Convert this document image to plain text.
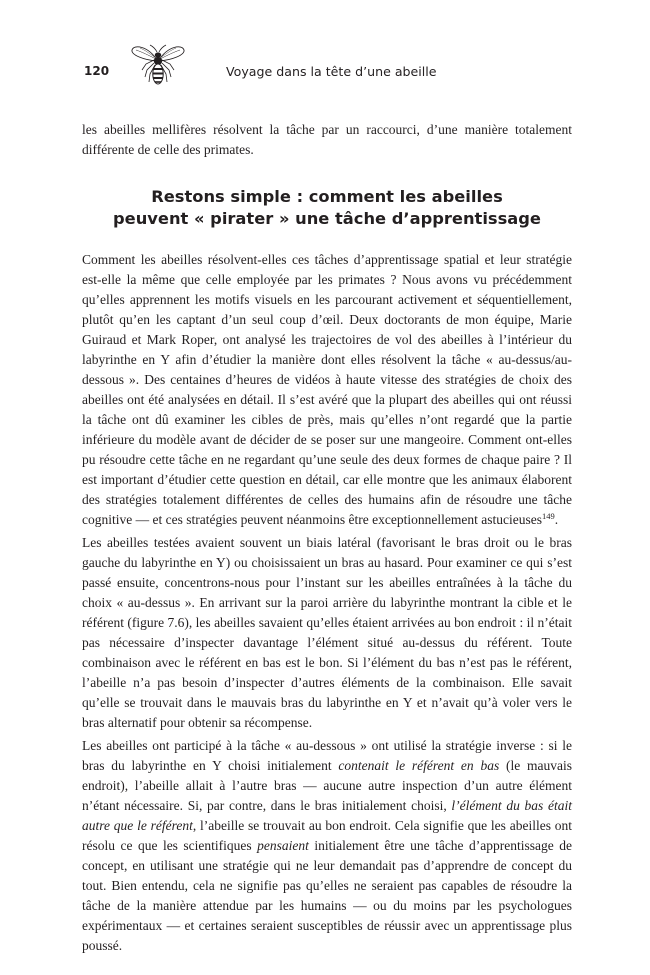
120	Voyage dans la tête d’une abeille

les abeilles mellifères résolvent la tâche par un raccourci, d’une manière totalement différente de celle des primates.

Restons simple : comment les abeilles
peuvent « pirater » une tâche d’apprentissage

Comment les abeilles résolvent-elles ces tâches d’apprentissage spatial et leur stratégie est-elle la même que celle employée par les primates ? Nous avons vu précédemment qu’elles apprennent les motifs visuels en les parcourant activement et séquentiellement, plutôt qu’en les captant d’un seul coup d’œil. Deux doctorants de mon équipe, Marie Guiraud et Mark Roper, ont analysé les trajectoires de vol des abeilles à l’intérieur du labyrinthe en Y afin d’étudier la manière dont elles résolvent la tâche « au-dessus/au-dessous ». Des centaines d’heures de vidéos à haute vitesse des stratégies de choix des abeilles ont été analysées en détail. Il s’est avéré que la plupart des abeilles qui ont réussi la tâche ont dû examiner les cibles de près, mais qu’elles n’ont regardé que la partie inférieure du modèle avant de décider de se poser sur une mangeoire. Comment ont-elles pu résoudre cette tâche en ne regardant qu’une seule des deux formes de chaque paire ? Il est important d’étudier cette question en détail, car elle montre que les animaux élaborent des stratégies totalement différentes de celles des humains afin de résoudre une tâche cognitive — et ces stratégies peuvent néanmoins être exceptionnellement astucieuses$^{149}$.

Les abeilles testées avaient souvent un biais latéral (favorisant le bras droit ou le bras gauche du labyrinthe en Y) ou choisissaient un bras au hasard. Pour examiner ce qui s’est passé ensuite, concentrons-nous pour l’instant sur les abeilles entraînées à la tâche du choix « au-dessus ». En arrivant sur la paroi arrière du labyrinthe montrant la cible et le référent (figure 7.6), les abeilles savaient qu’elles étaient arrivées au bon endroit : il n’était pas nécessaire d’inspecter davantage l’élément situé au-dessus du référent. Toute combinaison avec le référent en bas est le bon. Si l’élément du bas n’est pas le référent, l’abeille n’a pas besoin d’inspecter d’autres éléments de la combinaison. Elle savait qu’elle se trouvait dans le mauvais bras du labyrinthe en Y et n’avait qu’à voler vers le bras alternatif pour obtenir sa récompense.

Les abeilles ont participé à la tâche « au-dessous » ont utilisé la stratégie inverse : si le bras du labyrinthe en Y choisi initialement contenait le référent en bas (le mauvais endroit), l’abeille allait à l’autre bras — aucune autre inspection d’un autre élément n’étant nécessaire. Si, par contre, dans le bras initialement choisi, l’élément du bas était autre que le référent, l’abeille se trouvait au bon endroit. Cela signifie que les abeilles ont résolu ce que les scientifiques pensaient initialement être une tâche d’apprentissage de concept, en utilisant une stratégie qui ne leur demandait pas d’apprendre de concept du tout. Bien entendu, cela ne signifie pas qu’elles ne seraient pas capables de résoudre la tâche de la manière attendue par les humains — ou du moins par les psychologues expérimentaux — et certaines seraient susceptibles de réussir avec un apprentissage plus poussé.
